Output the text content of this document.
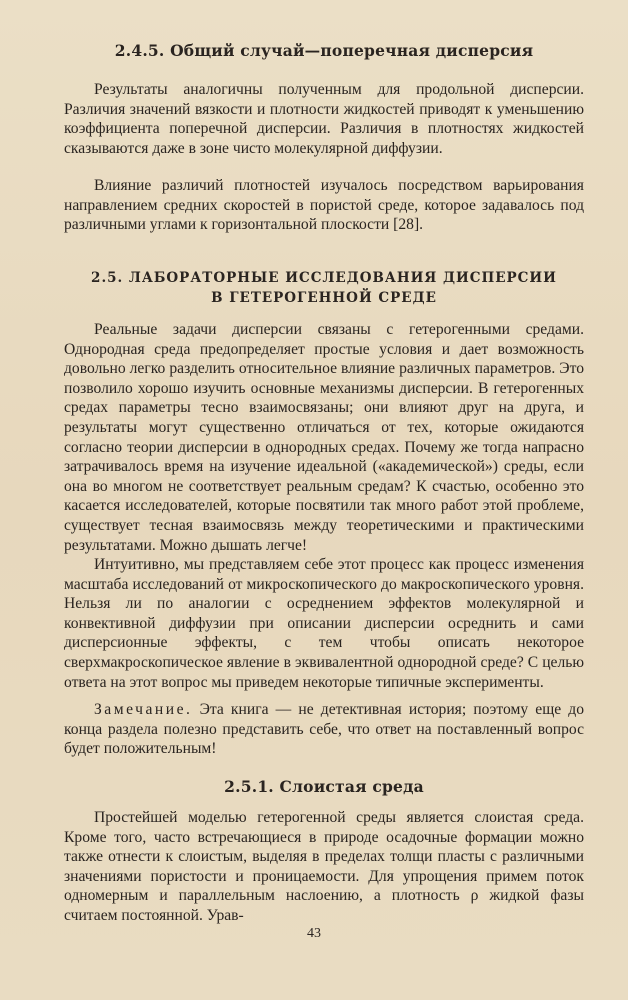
2.4.5. Общий случай—поперечная дисперсия
Результаты аналогичны полученным для продольной дисперсии. Различия значений вязкости и плотности жидкостей приводят к уменьшению коэффициента поперечной дисперсии. Различия в плотностях жидкостей сказываются даже в зоне чисто молекулярной диффузии.
Влияние различий плотностей изучалось посредством варьирования направлением средних скоростей в пористой среде, которое задавалось под различными углами к горизонтальной плоскости [28].
2.5. ЛАБОРАТОРНЫЕ ИССЛЕДОВАНИЯ ДИСПЕРСИИ
В ГЕТЕРОГЕННОЙ СРЕДЕ
Реальные задачи дисперсии связаны с гетерогенными средами. Однородная среда предопределяет простые условия и дает возможность довольно легко разделить относительное влияние различных параметров. Это позволило хорошо изучить основные механизмы дисперсии. В гетерогенных средах параметры тесно взаимосвязаны; они влияют друг на друга, и результаты могут существенно отличаться от тех, которые ожидаются согласно теории дисперсии в однородных средах. Почему же тогда напрасно затрачивалось время на изучение идеальной («академической») среды, если она во многом не соответствует реальным средам? К счастью, особенно это касается исследователей, которые посвятили так много работ этой проблеме, существует тесная взаимосвязь между теоретическими и практическими результатами. Можно дышать легче!
Интуитивно, мы представляем себе этот процесс как процесс изменения масштаба исследований от микроскопического до макроскопического уровня. Нельзя ли по аналогии с осреднением эффектов молекулярной и конвективной диффузии при описании дисперсии осреднить и сами дисперсионные эффекты, с тем чтобы описать некоторое сверхмакроскопическое явление в эквивалентной однородной среде? С целью ответа на этот вопрос мы приведем некоторые типичные эксперименты.
Замечание. Эта книга — не детективная история; поэтому еще до конца раздела полезно представить себе, что ответ на поставленный вопрос будет положительным!
2.5.1. Слоистая среда
Простейшей моделью гетерогенной среды является слоистая среда. Кроме того, часто встречающиеся в природе осадочные формации можно также отнести к слоистым, выделяя в пределах толщи пласты с различными значениями пористости и проницаемости. Для упрощения примем поток одномерным и параллельным наслоению, а плотность ρ жидкой фазы считаем постоянной. Урав-
43
